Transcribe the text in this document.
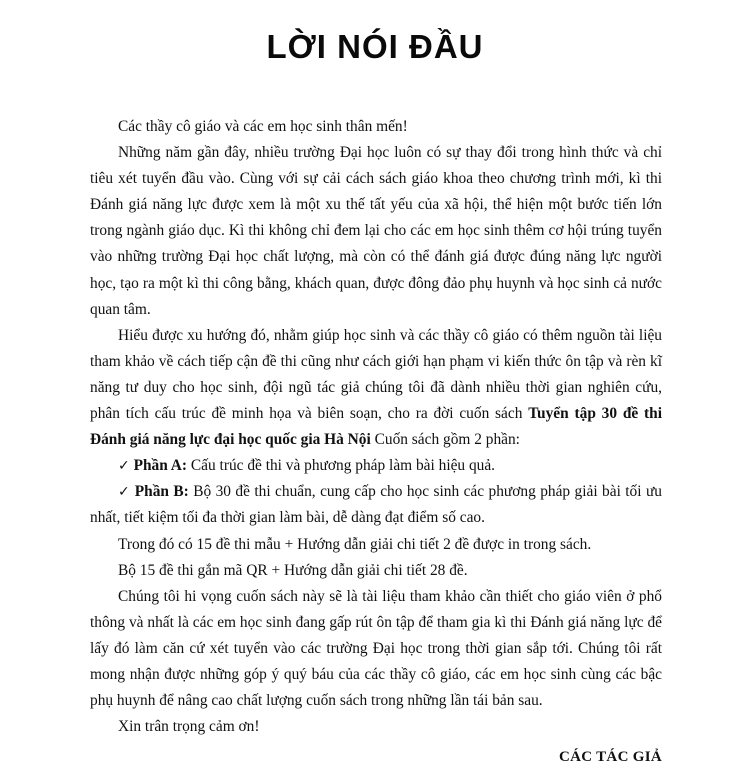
LỜI NÓI ĐẦU

Các thầy cô giáo và các em học sinh thân mến!

Những năm gần đây, nhiều trường Đại học luôn có sự thay đổi trong hình thức và chỉ tiêu xét tuyển đầu vào. Cùng với sự cải cách sách giáo khoa theo chương trình mới, kì thi Đánh giá năng lực được xem là một xu thế tất yếu của xã hội, thể hiện một bước tiến lớn trong ngành giáo dục. Kì thi không chỉ đem lại cho các em học sinh thêm cơ hội trúng tuyển vào những trường Đại học chất lượng, mà còn có thể đánh giá được đúng năng lực người học, tạo ra một kì thi công bằng, khách quan, được đông đảo phụ huynh và học sinh cả nước quan tâm.

Hiểu được xu hướng đó, nhằm giúp học sinh và các thầy cô giáo có thêm nguồn tài liệu tham khảo về cách tiếp cận đề thi cũng như cách giới hạn phạm vi kiến thức ôn tập và rèn kĩ năng tư duy cho học sinh, đội ngũ tác giả chúng tôi đã dành nhiều thời gian nghiên cứu, phân tích cấu trúc đề minh họa và biên soạn, cho ra đời cuốn sách Tuyển tập 30 đề thi Đánh giá năng lực đại học quốc gia Hà Nội Cuốn sách gồm 2 phần:

✓ Phần A: Cấu trúc đề thi và phương pháp làm bài hiệu quả.

✓ Phần B: Bộ 30 đề thi chuẩn, cung cấp cho học sinh các phương pháp giải bài tối ưu nhất, tiết kiệm tối đa thời gian làm bài, dễ dàng đạt điểm số cao.

Trong đó có 15 đề thi mẫu + Hướng dẫn giải chi tiết 2 đề được in trong sách.

Bộ 15 đề thi gắn mã QR + Hướng dẫn giải chi tiết 28 đề.

Chúng tôi hi vọng cuốn sách này sẽ là tài liệu tham khảo cần thiết cho giáo viên ở phổ thông và nhất là các em học sinh đang gấp rút ôn tập để tham gia kì thi Đánh giá năng lực để lấy đó làm căn cứ xét tuyển vào các trường Đại học trong thời gian sắp tới. Chúng tôi rất mong nhận được những góp ý quý báu của các thầy cô giáo, các em học sinh cùng các bậc phụ huynh để nâng cao chất lượng cuốn sách trong những lần tái bản sau.

Xin trân trọng cảm ơn!

CÁC TÁC GIẢ
